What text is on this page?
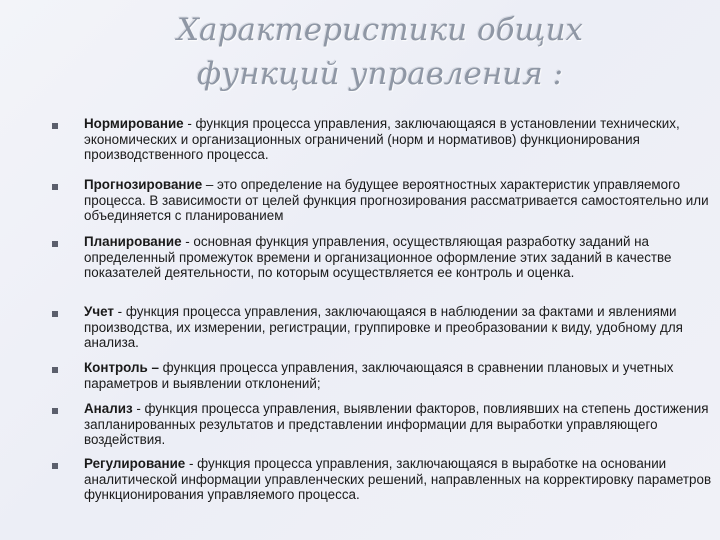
Характеристики общих
функций управления :
Нормирование - функция процесса управления, заключающаяся в установлении технических, экономических и организационных ограничений (норм и нормативов) функционирования производственного процесса.
Прогнозирование – это определение на будущее вероятностных характеристик управляемого процесса. В зависимости от целей функция прогнозирования рассматривается самостоятельно или объединяется с планированием
Планирование - основная функция управления, осуществляющая разработку заданий на определенный промежуток времени и организационное оформление этих заданий в качестве показателей деятельности, по которым осуществляется ее контроль и оценка.
Учет - функция процесса управления, заключающаяся в наблюдении за фактами и явлениями производства, их измерении, регистрации, группировке и преобразовании к виду, удобному для анализа.
Контроль – функция процесса управления, заключающаяся в сравнении плановых и учетных параметров и выявлении отклонений;
Анализ - функция процесса управления, выявлении факторов, повлиявших на степень достижения запланированных результатов и представлении информации для выработки управляющего воздействия.
Регулирование - функция процесса управления, заключающаяся в выработке на основании аналитической информации управленческих решений, направленных на корректировку параметров функционирования управляемого процесса.
